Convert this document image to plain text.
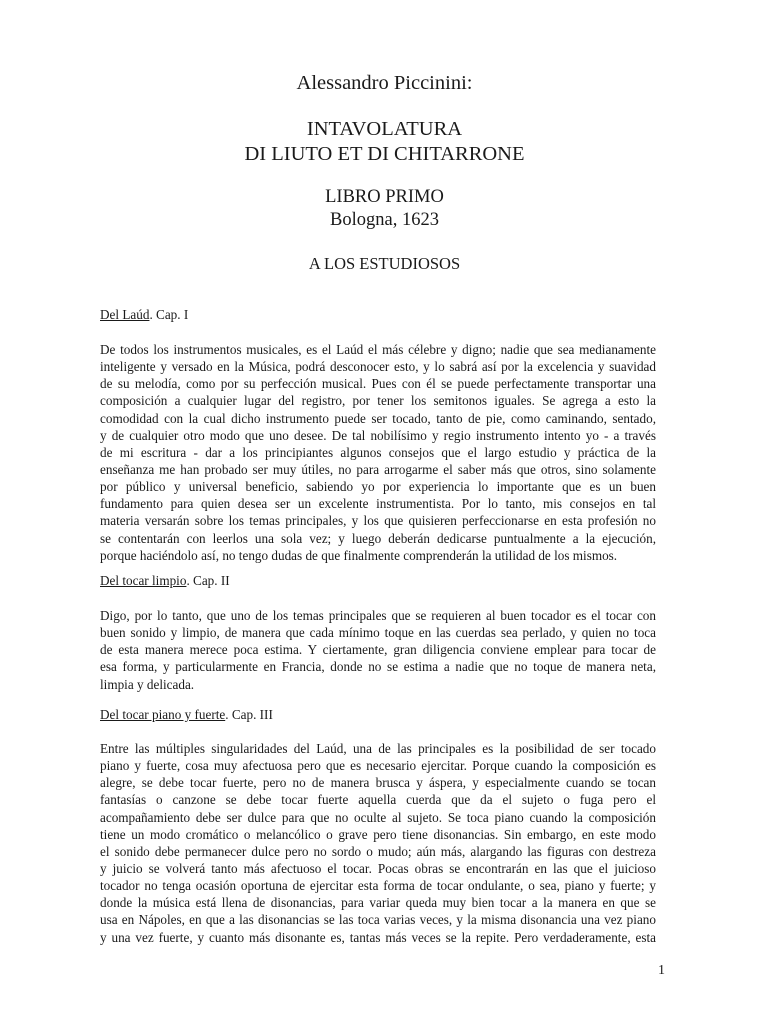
Alessandro Piccinini:
INTAVOLATURA
DI LIUTO ET DI CHITARRONE
LIBRO PRIMO
Bologna, 1623
A LOS ESTUDIOSOS
Del Laúd. Cap. I
De todos los instrumentos musicales, es el Laúd el más célebre y digno; nadie que sea medianamente
inteligente y versado en la Música, podrá desconocer esto, y lo sabrá así por la excelencia y suavidad
de su melodía, como por su perfección musical. Pues con él se puede perfectamente transportar una
composición a cualquier lugar del registro, por tener los semitonos iguales. Se agrega a esto la
comodidad con la cual dicho instrumento puede ser tocado, tanto de pie, como caminando, sentado,
y de cualquier otro modo que uno desee. De tal nobilísimo y regio instrumento intento yo - a través
de mi escritura - dar a los principiantes algunos consejos que el largo estudio y práctica de la
enseñanza me han probado ser muy útiles, no para arrogarme el saber más que otros, sino solamente
por público y universal beneficio, sabiendo yo por experiencia lo importante que es un buen
fundamento para quien desea ser un excelente instrumentista. Por lo tanto, mis consejos en tal
materia versarán sobre los temas principales, y los que quisieren perfeccionarse en esta profesión no
se contentarán con leerlos una sola vez; y luego deberán dedicarse puntualmente a la ejecución,
porque haciéndolo así, no tengo dudas de que finalmente comprenderán la utilidad de los mismos.
Del tocar limpio. Cap. II
Digo, por lo tanto, que uno de los temas principales que se requieren al buen tocador es el tocar con
buen sonido y limpio, de manera que cada mínimo toque en las cuerdas sea perlado, y quien no toca
de esta manera merece poca estima. Y ciertamente, gran diligencia conviene emplear para tocar de
esa forma, y particularmente en Francia, donde no se estima a nadie que no toque de manera neta,
limpia y delicada.
Del tocar piano y fuerte. Cap. III
Entre las múltiples singularidades del Laúd, una de las principales es la posibilidad de ser tocado
piano y fuerte, cosa muy afectuosa pero que es necesario ejercitar. Porque cuando la composición es
alegre, se debe tocar fuerte, pero no de manera brusca y áspera, y especialmente cuando se tocan
fantasías o canzone se debe tocar fuerte aquella cuerda que da el sujeto o fuga pero el
acompañamiento debe ser dulce para que no oculte al sujeto. Se toca piano cuando la composición
tiene un modo cromático o melancólico o grave pero tiene disonancias. Sin embargo, en este modo
el sonido debe permanecer dulce pero no sordo o mudo; aún más, alargando las figuras con destreza
y juicio se volverá tanto más afectuoso el tocar. Pocas obras se encontrarán en las que el juicioso
tocador no tenga ocasión oportuna de ejercitar esta forma de tocar ondulante, o sea, piano y fuerte; y
donde la música está llena de disonancias, para variar queda muy bien tocar a la manera en que se
usa en Nápoles, en que a las disonancias se las toca varias veces, y la misma disonancia una vez piano
y una vez fuerte, y cuanto más disonante es, tantas más veces se la repite. Pero verdaderamente, esta
1
